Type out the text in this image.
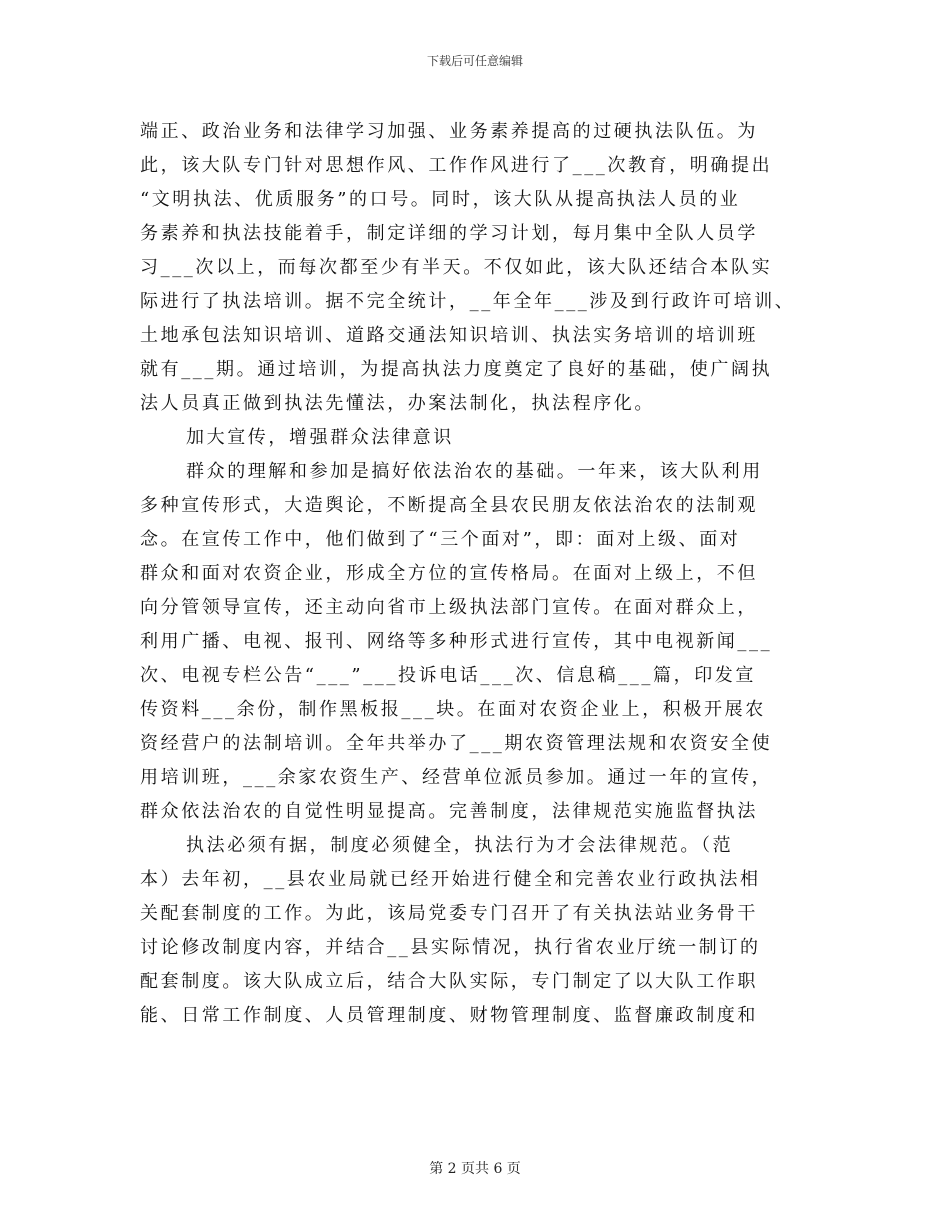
下载后可任意编辑
端正、政治业务和法律学习加强、业务素养提高的过硬执法队伍。为
此，该大队专门针对思想作风、工作作风进行了___次教育，明确提出
“文明执法、优质服务”的口号。同时，该大队从提高执法人员的业
务素养和执法技能着手，制定详细的学习计划，每月集中全队人员学
习___次以上，而每次都至少有半天。不仅如此，该大队还结合本队实
际进行了执法培训。据不完全统计，__年全年___涉及到行政许可培训、
土地承包法知识培训、道路交通法知识培训、执法实务培训的培训班
就有___期。通过培训，为提高执法力度奠定了良好的基础，使广阔执
法人员真正做到执法先懂法，办案法制化，执法程序化。
加大宣传，增强群众法律意识
群众的理解和参加是搞好依法治农的基础。一年来，该大队利用
多种宣传形式，大造舆论，不断提高全县农民朋友依法治农的法制观
念。在宣传工作中，他们做到了“三个面对”，即：面对上级、面对
群众和面对农资企业，形成全方位的宣传格局。在面对上级上，不但
向分管领导宣传，还主动向省市上级执法部门宣传。在面对群众上，
利用广播、电视、报刊、网络等多种形式进行宣传，其中电视新闻___
次、电视专栏公告“___”___投诉电话___次、信息稿___篇，印发宣
传资料___余份，制作黑板报___块。在面对农资企业上，积极开展农
资经营户的法制培训。全年共举办了___期农资管理法规和农资安全使
用培训班，___余家农资生产、经营单位派员参加。通过一年的宣传，
群众依法治农的自觉性明显提高。完善制度，法律规范实施监督执法
执法必须有据，制度必须健全，执法行为才会法律规范。（范
本）去年初，__县农业局就已经开始进行健全和完善农业行政执法相
关配套制度的工作。为此，该局党委专门召开了有关执法站业务骨干
讨论修改制度内容，并结合__县实际情况，执行省农业厅统一制订的
配套制度。该大队成立后，结合大队实际，专门制定了以大队工作职
能、日常工作制度、人员管理制度、财物管理制度、监督廉政制度和
第 2 页共 6 页
